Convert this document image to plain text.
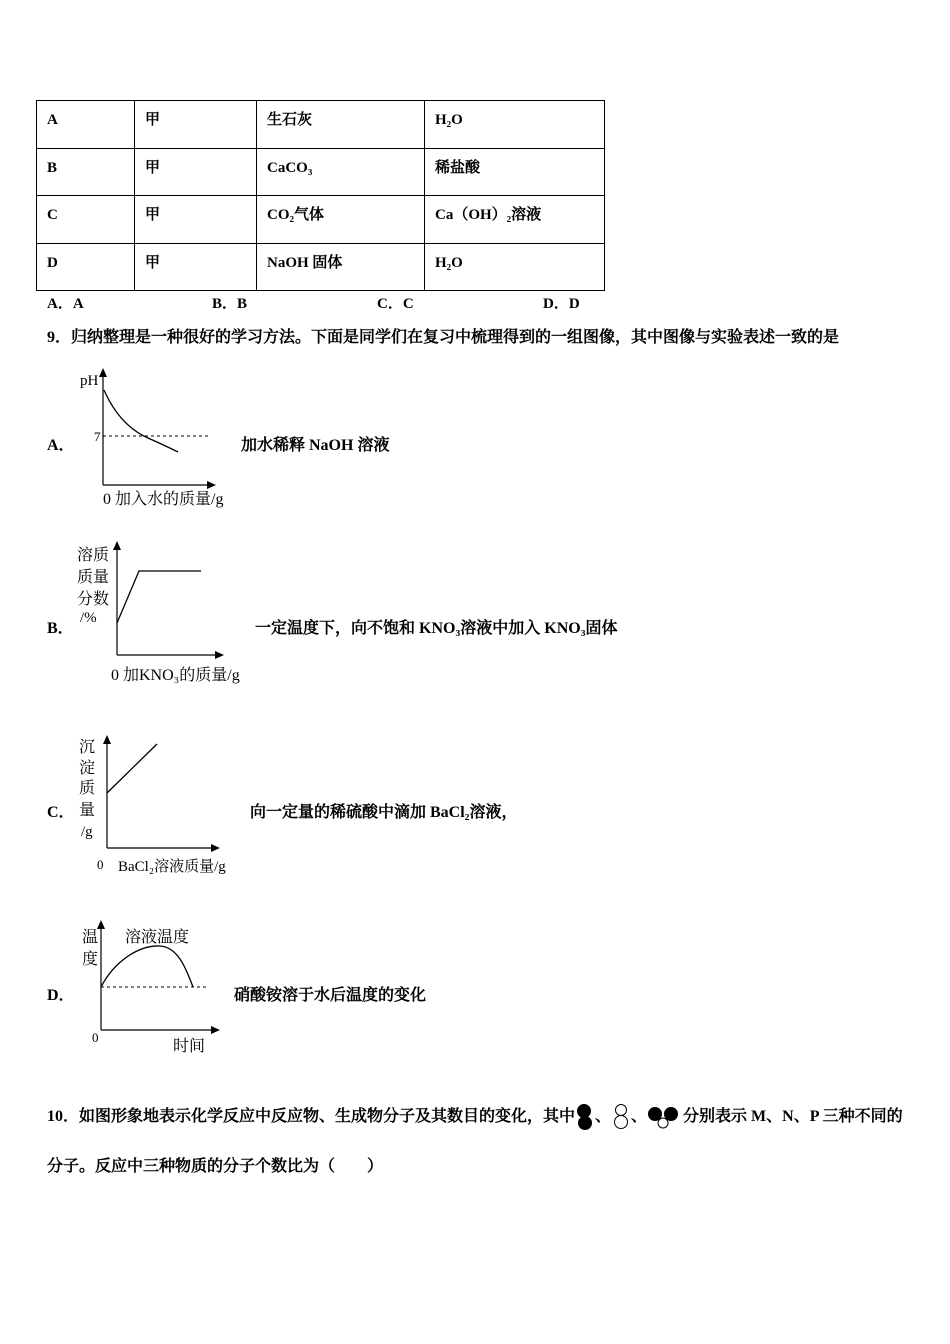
A	甲	生石灰	H₂O
B	甲	CaCO₃	稀盐酸
C	甲	CO₂气体	Ca（OH）₂溶液
D	甲	NaOH 固体	H₂O
A．A	B．B	C．C	D．D
9．归纳整理是一种很好的学习方法。下面是同学们在复习中梳理得到的一组图像，其中图像与实验表述一致的是
A．
pH
7
0 加入水的质量/g
加水稀释 NaOH 溶液
B．
溶质
质量
分数
/%
0 加KNO₃的质量/g
一定温度下，向不饱和 KNO₃溶液中加入 KNO₃固体
C．
沉
淀
质
量
/g
0 BaCl₂溶液质量/g
向一定量的稀硫酸中滴加 BaCl₂溶液，
D．
温
度
溶液温度
0
时间
硝酸铵溶于水后温度的变化
10．如图形象地表示化学反应中反应物、生成物分子及其数目的变化，其中 、 、 分别表示 M、N、P 三种不同的
分子。反应中三种物质的分子个数比为（　　）
